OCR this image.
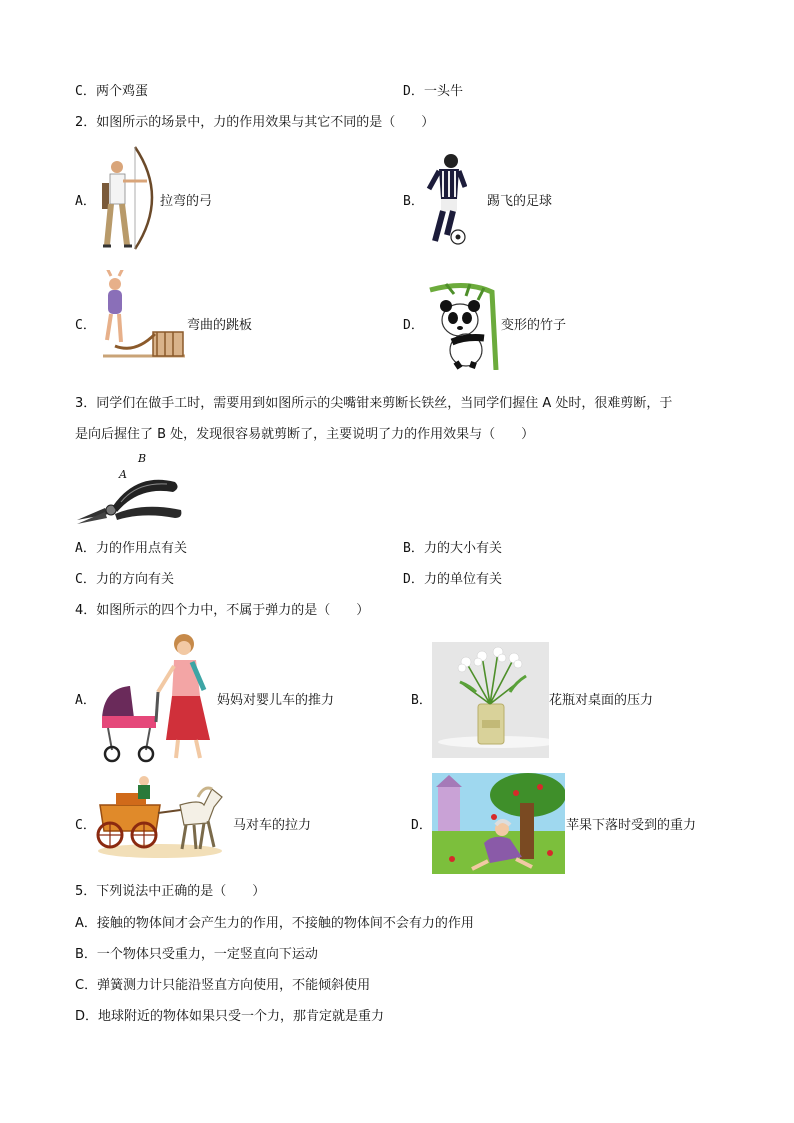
C． 两个鸡蛋	D． 一头牛
2．如图所示的场景中，力的作用效果与其它不同的是（　　）
A．	拉弯的弓	B．	踢飞的足球
C．	弯曲的跳板	D．	变形的竹子
3．同学们在做手工时，需要用到如图所示的尖嘴钳来剪断长铁丝，当同学们握住 A 处时，很难剪断，于
是向后握住了 B 处，发现很容易就剪断了，主要说明了力的作用效果与（　　）
A
B
A． 力的作用点有关	B． 力的大小有关
C． 力的方向有关	D． 力的单位有关
4．如图所示的四个力中，不属于弹力的是（　　）
A．	妈妈对婴儿车的推力	B．	花瓶对桌面的压力
C．	马对车的拉力	D．	苹果下落时受到的重力
5．下列说法中正确的是（　　）
A．接触的物体间才会产生力的作用，不接触的物体间不会有力的作用
B．一个物体只受重力，一定竖直向下运动
C．弹簧测力计只能沿竖直方向使用，不能倾斜使用
D．地球附近的物体如果只受一个力，那肯定就是重力
